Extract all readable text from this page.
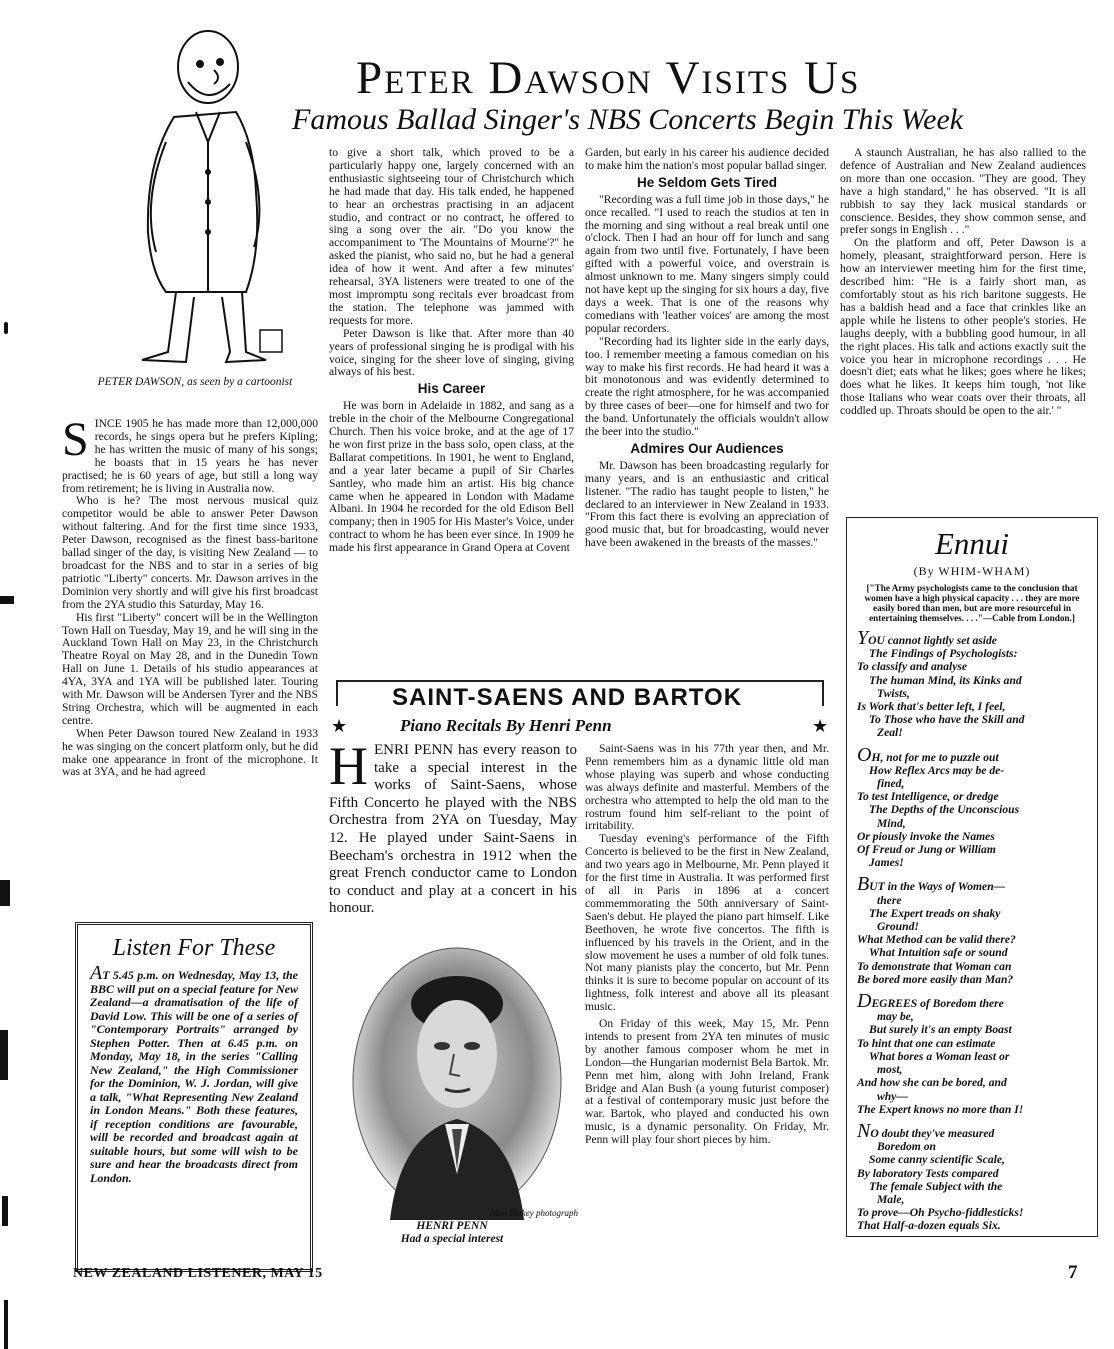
Peter Dawson Visits Us
Famous Ballad Singer's NBS Concerts Begin This Week
PETER DAWSON, as seen by a cartoonist

SINCE 1905 he has made more than 12,000,000 records, he sings opera but he prefers Kipling; he has written the music of many of his songs; he boasts that in 15 years he has never practised; he is 60 years of age, but still a long way from retirement; he is living in Australia now.

Who is he? The most nervous musical quiz competitor would be able to answer Peter Dawson without faltering. And for the first time since 1933, Peter Dawson, recognised as the finest bass-baritone ballad singer of the day, is visiting New Zealand — to broadcast for the NBS and to star in a series of big patriotic "Liberty" concerts. Mr. Dawson arrives in the Dominion very shortly and will give his first broadcast from the 2YA studio this Saturday, May 16.

His first "Liberty" concert will be in the Wellington Town Hall on Tuesday, May 19, and he will sing in the Auckland Town Hall on May 23, in the Christchurch Theatre Royal on May 28, and in the Dunedin Town Hall on June 1. Details of his studio appearances at 4YA, 3YA and 1YA will be published later. Touring with Mr. Dawson will be Andersen Tyrer and the NBS String Orchestra, which will be augmented in each centre.

When Peter Dawson toured New Zealand in 1933 he was singing on the concert platform only, but he did make one appearance in front of the microphone. It was at 3YA, and he had agreed

Listen For These
AT 5.45 p.m. on Wednesday, May 13, the BBC will put on a special feature for New Zealand—a dramatisation of the life of David Low. This will be one of a series of "Contemporary Portraits" arranged by Stephen Potter. Then at 6.45 p.m. on Monday, May 18, in the series "Calling New Zealand," the High Commissioner for the Dominion, W. J. Jordan, will give a talk, "What Representing New Zealand in London Means." Both these features, if reception conditions are favourable, will be recorded and broadcast again at suitable hours, but some will wish to be sure and hear the broadcasts direct from London.

to give a short talk, which proved to be a particularly happy one, largely concerned with an enthusiastic sightseeing tour of Christchurch which he had made that day. His talk ended, he happened to hear an orchestras practising in an adjacent studio, and contract or no contract, he offered to sing a song over the air. "Do you know the accompaniment to 'The Mountains of Mourne'?" he asked the pianist, who said no, but he had a general idea of how it went. And after a few minutes' rehearsal, 3YA listeners were treated to one of the most impromptu song recitals ever broadcast from the station. The telephone was jammed with requests for more.

Peter Dawson is like that. After more than 40 years of professional singing he is prodigal with his voice, singing for the sheer love of singing, giving always of his best.

His Career

He was born in Adelaide in 1882, and sang as a treble in the choir of the Melbourne Congregational Church. Then his voice broke, and at the age of 17 he won first prize in the bass solo, open class, at the Ballarat competitions. In 1901, he went to England, and a year later became a pupil of Sir Charles Santley, who made him an artist. His big chance came when he appeared in London with Madame Albani. In 1904 he recorded for the old Edison Bell company; then in 1905 for His Master's Voice, under contract to whom he has been ever since. In 1909 he made his first appearance in Grand Opera at Covent

Garden, but early in his career his audience decided to make him the nation's most popular ballad singer.

He Seldom Gets Tired

"Recording was a full time job in those days," he once recalled. "I used to reach the studios at ten in the morning and sing without a real break until one o'clock. Then I had an hour off for lunch and sang again from two until five. Fortunately, I have been gifted with a powerful voice, and overstrain is almost unknown to me. Many singers simply could not have kept up the singing for six hours a day, five days a week. That is one of the reasons why comedians with 'leather voices' are among the most popular recorders.

"Recording had its lighter side in the early days, too. I remember meeting a famous comedian on his way to make his first records. He had heard it was a bit monotonous and was evidently determined to create the right atmosphere, for he was accompanied by three cases of beer—one for himself and two for the band. Unfortunately the officials wouldn't allow the beer into the studio."

Admires Our Audiences

Mr. Dawson has been broadcasting regularly for many years, and is an enthusiastic and critical listener. "The radio has taught people to listen," he declared to an interviewer in New Zealand in 1933. "From this fact there is evolving an appreciation of good music that, but for broadcasting, would never have been awakened in the breasts of the masses."

A staunch Australian, he has also rallied to the defence of Australian and New Zealand audiences on more than one occasion. "They are good. They have a high standard," he has observed. "It is all rubbish to say they lack musical standards or conscience. Besides, they show common sense, and prefer songs in English . . ."

On the platform and off, Peter Dawson is a homely, pleasant, straightforward person. Here is how an interviewer meeting him for the first time, described him: "He is a fairly short man, as comfortably stout as his rich baritone suggests. He has a baldish head and a face that crinkles like an apple while he listens to other people's stories. He laughs deeply, with a bubbling good humour, in all the right places. His talk and actions exactly suit the voice you hear in microphone recordings . . . He doesn't diet; eats what he likes; goes where he likes; does what he likes. It keeps him tough, 'not like those Italians who wear coats over their throats, all coddled up. Throats should be open to the air.' "

SAINT-SAENS AND BARTOK
★	★
Piano Recitals By Henri Penn
HENRI PENN has every reason to take a special interest in the works of Saint-Saens, whose Fifth Concerto he played with the NBS Orchestra from 2YA on Tuesday, May 12. He played under Saint-Saens in Beecham's orchestra in 1912 when the great French conductor came to London to conduct and play at a concert in his honour.
Alan Blakey photograph
HENRI PENN
Had a special interest

Saint-Saens was in his 77th year then, and Mr. Penn remembers him as a dynamic little old man whose playing was superb and whose conducting was always definite and masterful. Members of the orchestra who attempted to help the old man to the rostrum found him self-reliant to the point of irritability.

Tuesday evening's performance of the Fifth Concerto is believed to be the first in New Zealand, and two years ago in Melbourne, Mr. Penn played it for the first time in Australia. It was performed first of all in Paris in 1896 at a concert commemmorating the 50th anniversary of Saint-Saen's debut. He played the piano part himself. Like Beethoven, he wrote five concertos. The fifth is influenced by his travels in the Orient, and in the slow movement he uses a number of old folk tunes. Not many pianists play the concerto, but Mr. Penn thinks it is sure to become popular on account of its lightness, folk interest and above all its pleasant music.

On Friday of this week, May 15, Mr. Penn intends to present from 2YA ten minutes of music by another famous composer whom he met in London—the Hungarian modernist Bela Bartok. Mr. Penn met him, along with John Ireland, Frank Bridge and Alan Bush (a young futurist composer) at a festival of contemporary music just before the war. Bartok, who played and conducted his own music, is a dynamic personality. On Friday, Mr. Penn will play four short pieces by him.

Ennui
(By WHIM-WHAM)
["The Army psychologists came to the conclusion that women have a high physical capacity . . . they are more easily bored than men, but are more resourceful in entertaining themselves. . . ."—Cable from London.]
YOU cannot lightly set aside
The Findings of Psychologists:
To classify and analyse
The human Mind, its Kinks and
Twists,
Is Work that's better left, I feel,
To Those who have the Skill and
Zeal!
OH, not for me to puzzle out
How Reflex Arcs may be de-
fined,
To test Intelligence, or dredge
The Depths of the Unconscious
Mind,
Or piously invoke the Names
Of Freud or Jung or William
James!
BUT in the Ways of Women—
there
The Expert treads on shaky
Ground!
What Method can be valid there?
What Intuition safe or sound
To demonstrate that Woman can
Be bored more easily than Man?
DEGREES of Boredom there
may be,
But surely it's an empty Boast
To hint that one can estimate
What bores a Woman least or
most,
And how she can be bored, and
why—
The Expert knows no more than I!
NO doubt they've measured
Boredom on
Some canny scientific Scale,
By laboratory Tests compared
The female Subject with the
Male,
To prove—Oh Psycho-fiddlesticks!
That Half-a-dozen equals Six.
NEW ZEALAND LISTENER, MAY 15	7
